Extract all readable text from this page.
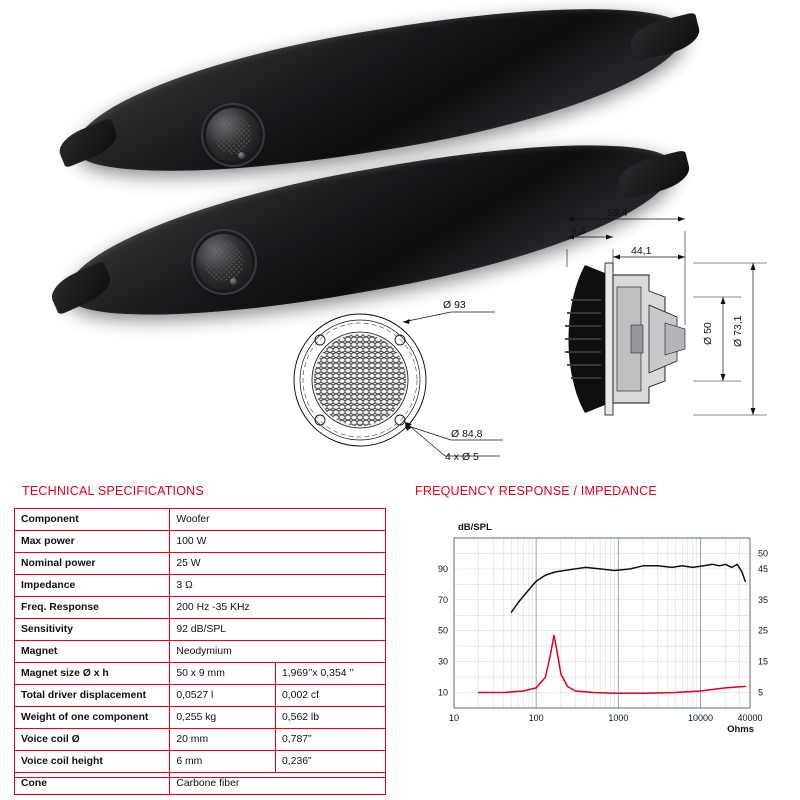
Ø 93
Ø 84,8
4 x Ø 5
59,4
6,3
44,1
Ø 50 Ø 73,1
TECHNICAL SPECIFICATIONS	FREQUENCY RESPONSE / IMPEDANCE
Component	Woofer	
Max power	100 W	
Nominal power	25 W	
Impedance	3 Ω	
Freq. Response	200 Hz -35 KHz	
Sensitivity	92 dB/SPL	
Magnet	Neodymium	
Magnet size Ø x h	50 x 9 mm	1,969’’x 0,354 ’’
Total driver displacement	0,0527 l	0,002 cf
Weight of one component	0,255 kg	0,562 lb
Voice coil Ø	20 mm	0,787”
Voice coil height	6 mm	0,236”
Cone	Carbone fiber	
10	100	1000	10000	40000
10
30
50
70
90
5
15
25
35
45
50
dB/SPL
Ohms
